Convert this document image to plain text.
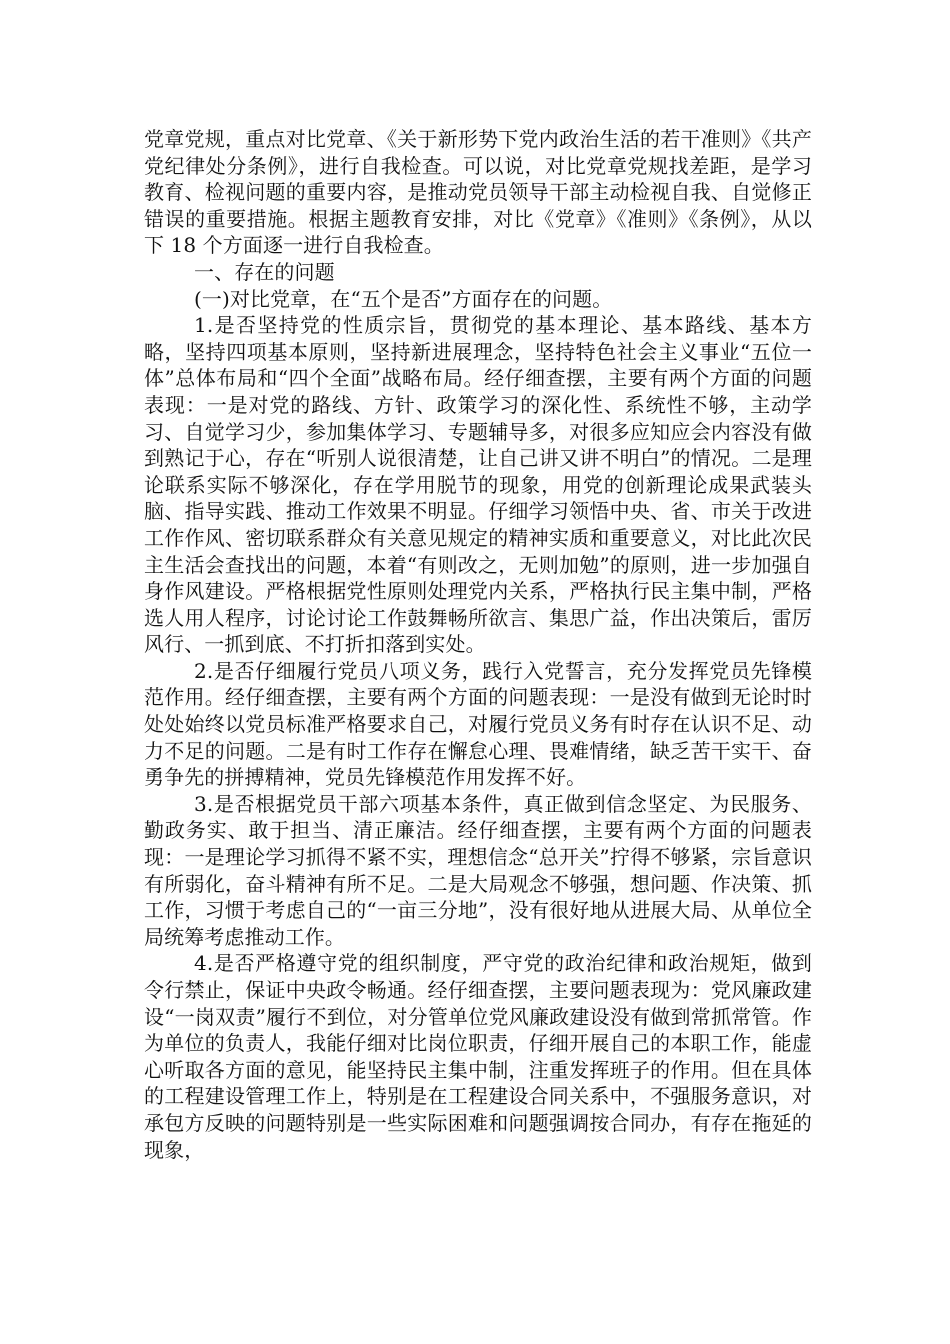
党章党规，重点对比党章、《关于新形势下党内政治生活的若干准则》《共产党纪律处分条例》，进行自我检查。可以说，对比党章党规找差距，是学习教育、检视问题的重要内容，是推动党员领导干部主动检视自我、自觉修正错误的重要措施。根据主题教育安排，对比《党章》《准则》《条例》，从以下 18 个方面逐一进行自我检查。

一、存在的问题

(一)对比党章，在“五个是否”方面存在的问题。

1.是否坚持党的性质宗旨，贯彻党的基本理论、基本路线、基本方略，坚持四项基本原则，坚持新进展理念，坚持特色社会主义事业“五位一体”总体布局和“四个全面”战略布局。经仔细查摆，主要有两个方面的问题表现：一是对党的路线、方针、政策学习的深化性、系统性不够，主动学习、自觉学习少，参加集体学习、专题辅导多，对很多应知应会内容没有做到熟记于心，存在“听别人说很清楚，让自己讲又讲不明白”的情况。二是理论联系实际不够深化，存在学用脱节的现象，用党的创新理论成果武装头脑、指导实践、推动工作效果不明显。仔细学习领悟中央、省、市关于改进工作作风、密切联系群众有关意见规定的精神实质和重要意义，对比此次民主生活会查找出的问题，本着“有则改之，无则加勉”的原则，进一步加强自身作风建设。严格根据党性原则处理党内关系，严格执行民主集中制，严格选人用人程序，讨论讨论工作鼓舞畅所欲言、集思广益，作出决策后，雷厉风行、一抓到底、不打折扣落到实处。

2.是否仔细履行党员八项义务，践行入党誓言，充分发挥党员先锋模范作用。经仔细查摆，主要有两个方面的问题表现：一是没有做到无论时时处处始终以党员标准严格要求自己，对履行党员义务有时存在认识不足、动力不足的问题。二是有时工作存在懈怠心理、畏难情绪，缺乏苦干实干、奋勇争先的拼搏精神，党员先锋模范作用发挥不好。

3.是否根据党员干部六项基本条件，真正做到信念坚定、为民服务、勤政务实、敢于担当、清正廉洁。经仔细查摆，主要有两个方面的问题表现：一是理论学习抓得不紧不实，理想信念“总开关”拧得不够紧，宗旨意识有所弱化，奋斗精神有所不足。二是大局观念不够强，想问题、作决策、抓工作，习惯于考虑自己的“一亩三分地”，没有很好地从进展大局、从单位全局统筹考虑推动工作。

4.是否严格遵守党的组织制度，严守党的政治纪律和政治规矩，做到令行禁止，保证中央政令畅通。经仔细查摆，主要问题表现为：党风廉政建设“一岗双责”履行不到位，对分管单位党风廉政建设没有做到常抓常管。作为单位的负责人，我能仔细对比岗位职责，仔细开展自己的本职工作，能虚心听取各方面的意见，能坚持民主集中制，注重发挥班子的作用。但在具体的工程建设管理工作上，特别是在工程建设合同关系中，不强服务意识，对承包方反映的问题特别是一些实际困难和问题强调按合同办，有存在拖延的现象，
